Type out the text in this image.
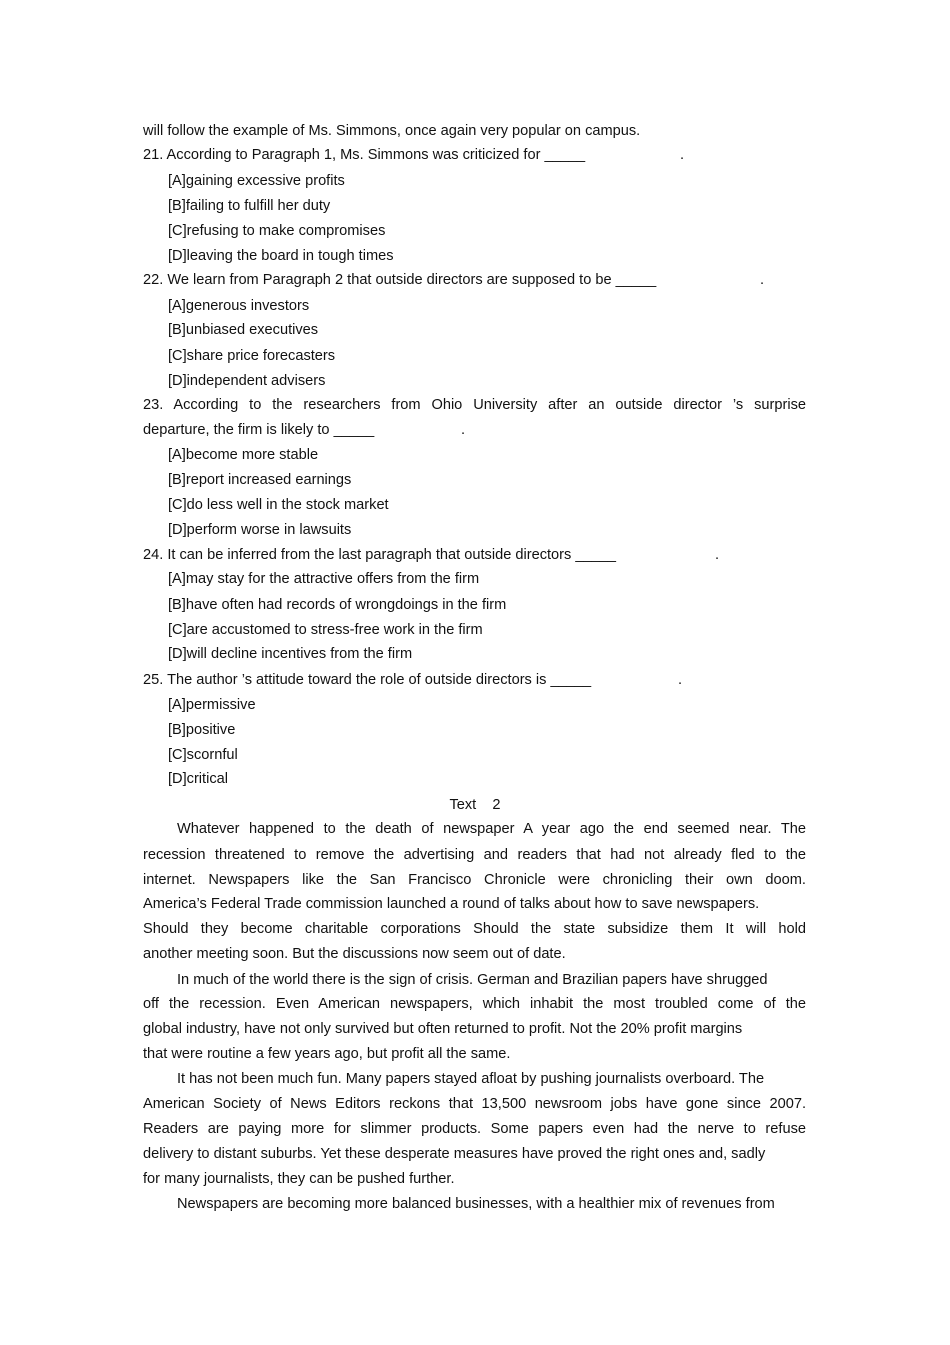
will follow the example of Ms. Simmons, once again very popular on campus.
21. According to Paragraph 1, Ms. Simmons was criticized for _____	.
[A]gaining excessive profits
[B]failing to fulfill her duty
[C]refusing to make compromises
[D]leaving the board in tough times
22. We learn from Paragraph 2 that outside directors are supposed to be _____	.
[A]generous investors
[B]unbiased executives
[C]share price forecasters
[D]independent advisers
23. According to the researchers from Ohio University after an outside director ’s surprise
departure, the firm is likely to _____	.
[A]become more stable
[B]report increased earnings
[C]do less well in the stock market
[D]perform worse in lawsuits
24. It can be inferred from the last paragraph that outside directors _____	.
[A]may stay for the attractive offers from the firm
[B]have often had records of wrongdoings in the firm
[C]are accustomed to stress-free work in the firm
[D]will decline incentives from the firm
25. The author ’s attitude toward the role of outside directors is _____	.
[A]permissive
[B]positive
[C]scornful
[D]critical
Text    2
Whatever happened to the death of newspaper A year ago the end seemed near. The
recession threatened to remove the advertising and readers that had not already fled to the
internet. Newspapers like the San Francisco Chronicle were chronicling their own doom.
America’s Federal Trade commission launched a round of talks about how to save newspapers.
Should they become charitable corporations Should the state subsidize them It will hold
another meeting soon. But the discussions now seem out of date.
In much of the world there is the sign of crisis. German and Brazilian papers have shrugged
off the recession. Even American newspapers, which inhabit the most troubled come of the
global industry, have not only survived but often returned to profit. Not the 20% profit margins
that were routine a few years ago, but profit all the same.
It has not been much fun. Many papers stayed afloat by pushing journalists overboard. The
American Society of News Editors reckons that 13,500 newsroom jobs have gone since 2007.
Readers are paying more for slimmer products. Some papers even had the nerve to refuse
delivery to distant suburbs. Yet these desperate measures have proved the right ones and, sadly
for many journalists, they can be pushed further.
Newspapers are becoming more balanced businesses, with a healthier mix of revenues from
